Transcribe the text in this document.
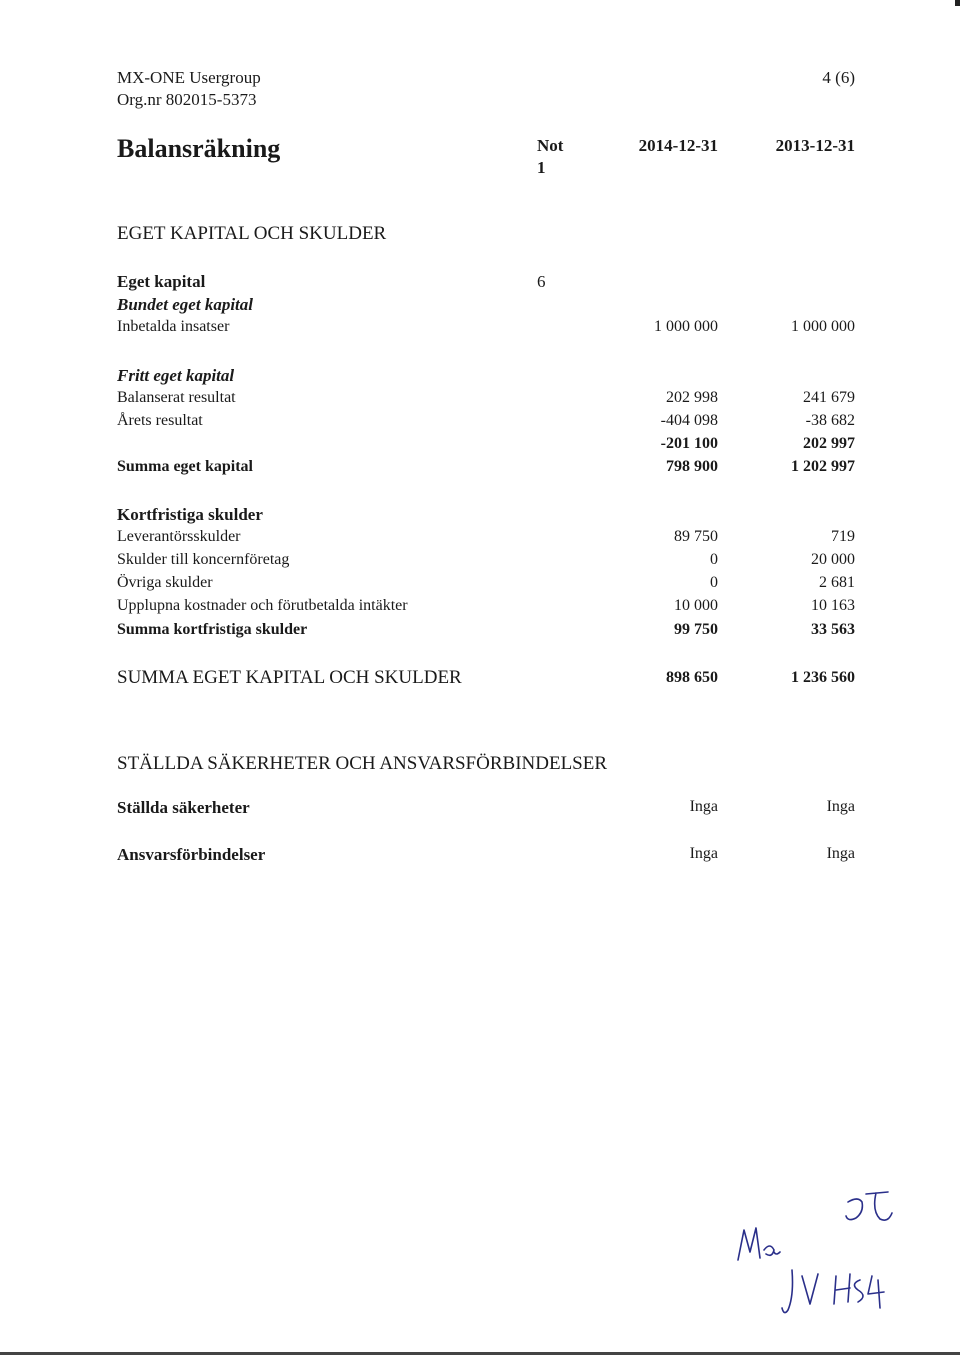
MX-ONE Usergroup
Org.nr 802015-5373
4 (6)
Balansräkning	Not
1
2014-12-31	2013-12-31
EGET KAPITAL OCH SKULDER
Eget kapital	6
Bundet eget kapital
Inbetalda insatser	1 000 000	1 000 000
Fritt eget kapital
Balanserat resultat	202 998	241 679
Årets resultat	-404 098	-38 682
-201 100	202 997
Summa eget kapital	798 900	1 202 997
Kortfristiga skulder
Leverantörsskulder	89 750	719
Skulder till koncernföretag	0	20 000
Övriga skulder	0	2 681
Upplupna kostnader och förutbetalda intäkter	10 000	10 163
Summa kortfristiga skulder	99 750	33 563
SUMMA EGET KAPITAL OCH SKULDER	898 650	1 236 560
STÄLLDA SÄKERHETER OCH ANSVARSFÖRBINDELSER
Ställda säkerheter	Inga	Inga
Ansvarsförbindelser	Inga	Inga
